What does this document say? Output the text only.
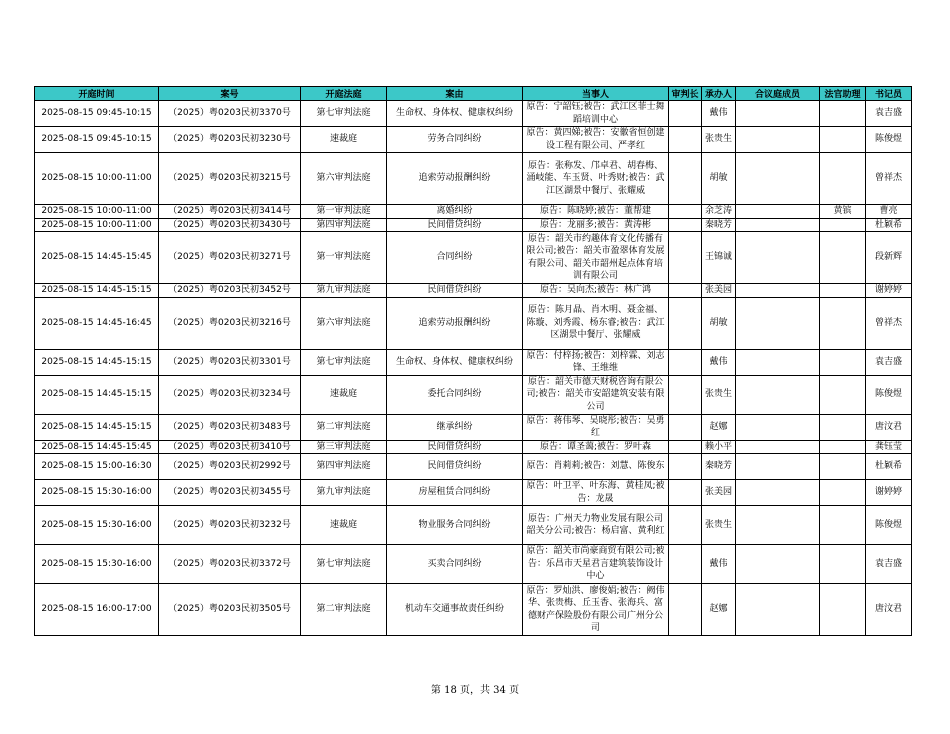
开庭时间	案号	开庭法庭	案由	当事人	审判长	承办人	合议庭成员	法官助理	书记员
2025-08-15 09:45-10:15	（2025）粤0203民初3370号	第七审判法庭	生命权、身体权、健康权纠纷	原告：宁韶钰;被告：武江区菲士舞蹈培训中心		戴伟			袁吉盛
2025-08-15 09:45-10:15	（2025）粤0203民初3230号	速裁庭	劳务合同纠纷	原告：黄四娣;被告：安徽省恒创建设工程有限公司、严孝红		张贵生			陈俊煜
2025-08-15 10:00-11:00	（2025）粤0203民初3215号	第六审判法庭	追索劳动报酬纠纷	原告：张称发、邝卓君、胡春梅、涌岐能、车玉贤、叶秀财;被告：武江区湖景中餐厅、张耀威		胡敏			曾祥杰
2025-08-15 10:00-11:00	（2025）粤0203民初3414号	第一审判法庭	离婚纠纷	原告：陈晓婷;被告：董帮建		余芝涛		黄镔	曹亮
2025-08-15 10:00-11:00	（2025）粤0203民初3430号	第四审判法庭	民间借贷纠纷	原告：龙丽多;被告：黄涛彬		秦晓芳			杜颖希
2025-08-15 14:45-15:45	（2025）粤0203民初3271号	第一审判法庭	合同纠纷	原告：韶关市约趣体育文化传播有限公司;被告：韶关市盈翠体育发展有限公司、韶关市韶州起点体育培训有限公司		王锦诚			段新辉
2025-08-15 14:45-15:15	（2025）粤0203民初3452号	第九审判法庭	民间借贷纠纷	原告：吴向杰;被告：林广鸿		张美园			谢婷婷
2025-08-15 14:45-16:45	（2025）粤0203民初3216号	第六审判法庭	追索劳动报酬纠纷	原告：陈月晶、肖木明、聂金福、陈璇、刘秀霞、杨东睿;被告：武江区湖景中餐厅、张耀威		胡敏			曾祥杰
2025-08-15 14:45-15:15	（2025）粤0203民初3301号	第七审判法庭	生命权、身体权、健康权纠纷	原告：付梓扬;被告：刘梓霖、刘志锋、王维维		戴伟			袁吉盛
2025-08-15 14:45-15:15	（2025）粤0203民初3234号	速裁庭	委托合同纠纷	原告：韶关市德天财税咨询有限公司;被告：韶关市安韶建筑安装有限公司		张贵生			陈俊煜
2025-08-15 14:45-15:15	（2025）粤0203民初3483号	第二审判法庭	继承纠纷	原告：蒋伟琴、吴晓彤;被告：吴勇红		赵娜			唐汶君
2025-08-15 14:45-15:45	（2025）粤0203民初3410号	第三审判法庭	民间借贷纠纷	原告：谭圣蔼;被告：罗叶森		赖小平			龚钰莹
2025-08-15 15:00-16:30	（2025）粤0203民初2992号	第四审判法庭	民间借贷纠纷	原告：肖莉莉;被告：刘慧、陈俊东		秦晓芳			杜颖希
2025-08-15 15:30-16:00	（2025）粤0203民初3455号	第九审判法庭	房屋租赁合同纠纷	原告：叶卫平、叶东海、黄桂凤;被告：龙晟		张美园			谢婷婷
2025-08-15 15:30-16:00	（2025）粤0203民初3232号	速裁庭	物业服务合同纠纷	原告：广州天力物业发展有限公司韶关分公司;被告：杨启富、黄利红		张贵生			陈俊煜
2025-08-15 15:30-16:00	（2025）粤0203民初3372号	第七审判法庭	买卖合同纠纷	原告：韶关市尚豪商贸有限公司;被告：乐昌市天星君言建筑装饰设计中心		戴伟			袁吉盛
2025-08-15 16:00-17:00	（2025）粤0203民初3505号	第二审判法庭	机动车交通事故责任纠纷	原告：罗灿洪、廖俊娟;被告：阙伟华、张贵梅、丘玉香、张海兵、富德财产保险股份有限公司广州分公司		赵娜			唐汶君
第 18 页，共 34 页
